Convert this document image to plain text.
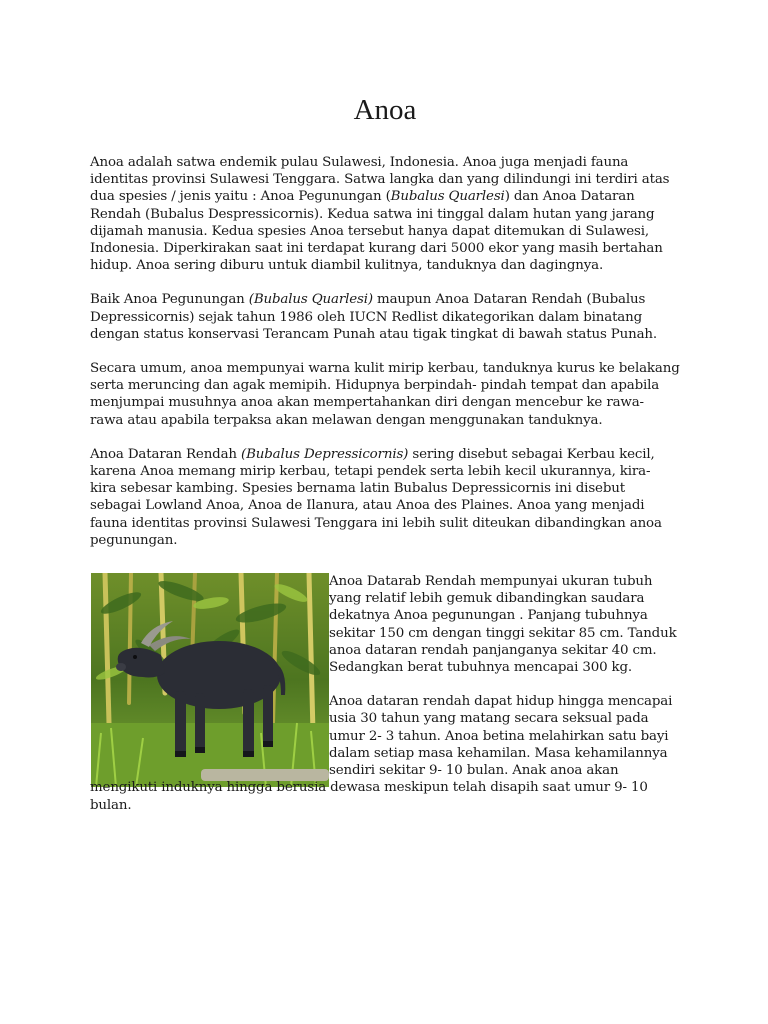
Anoa

Anoa adalah satwa endemik pulau Sulawesi, Indonesia. Anoa juga menjadi fauna identitas provinsi Sulawesi Tenggara. Satwa langka dan yang dilindungi ini terdiri atas dua spesies / jenis yaitu : Anoa Pegunungan (Bubalus Quarlesi) dan Anoa Dataran Rendah (Bubalus Despressicornis). Kedua satwa ini tinggal dalam hutan yang jarang dijamah manusia. Kedua spesies Anoa tersebut hanya dapat ditemukan di Sulawesi, Indonesia. Diperkirakan saat ini terdapat kurang dari 5000 ekor yang masih bertahan hidup. Anoa sering diburu untuk diambil kulitnya, tanduknya dan dagingnya.

Baik Anoa Pegunungan (Bubalus Quarlesi) maupun Anoa Dataran Rendah (Bubalus Depressicornis) sejak tahun 1986 oleh IUCN Redlist dikategorikan dalam binatang dengan status konservasi Terancam Punah atau tigak tingkat di bawah status Punah.

Secara umum, anoa mempunyai warna kulit mirip kerbau, tanduknya kurus ke belakang serta meruncing dan agak memipih. Hidupnya berpindah- pindah tempat dan apabila menjumpai musuhnya anoa akan mempertahankan diri dengan mencebur ke rawa- rawa atau apabila terpaksa akan melawan dengan menggunakan tanduknya.

Anoa Dataran Rendah (Bubalus Depressicornis) sering disebut sebagai Kerbau kecil, karena Anoa memang mirip kerbau, tetapi pendek serta lebih kecil ukurannya, kira- kira sebesar kambing. Spesies bernama latin Bubalus Depressicornis ini disebut sebagai Lowland Anoa, Anoa de Ilanura, atau Anoa des Plaines. Anoa yang menjadi fauna identitas provinsi Sulawesi Tenggara ini lebih sulit diteukan dibandingkan anoa pegunungan.

Anoa Datarab Rendah mempunyai ukuran tubuh yang relatif lebih gemuk dibandingkan saudara dekatnya Anoa pegunungan . Panjang tubuhnya sekitar 150 cm dengan tinggi sekitar 85 cm. Tanduk anoa dataran rendah panjanganya sekitar 40 cm. Sedangkan berat tubuhnya mencapai 300 kg.

Anoa dataran rendah dapat hidup hingga mencapai usia 30 tahun yang matang secara seksual pada umur 2- 3 tahun. Anoa betina melahirkan satu bayi dalam setiap masa kehamilan. Masa kehamilannya sendiri sekitar 9- 10 bulan. Anak anoa akan mengikuti induknya hingga berusia dewasa meskipun telah disapih saat umur 9- 10 bulan.
